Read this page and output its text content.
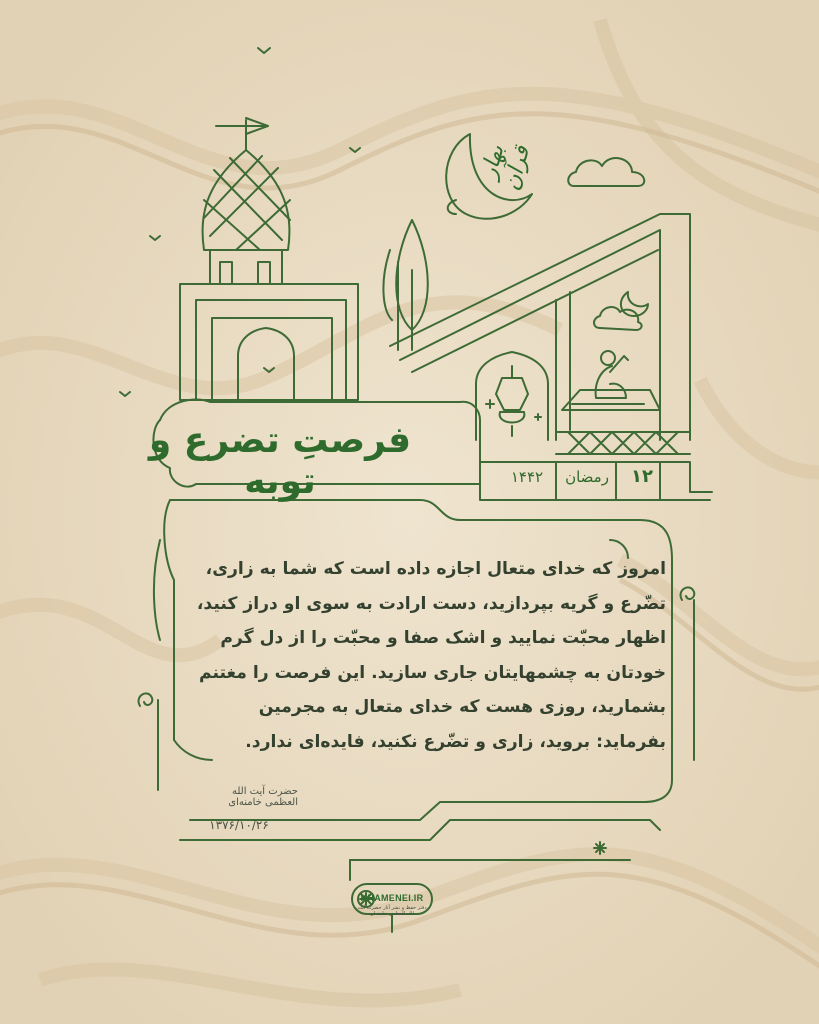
بهار قرآن
فرصتِ تضرع و توبه	۱۲
رمضان
۱۴۴۲
امروز که خدای متعال اجازه داده است که شما به زاری،
تضّرع و گریه بپردازید، دست ارادت به سوی او دراز کنید،
اظهار محبّت نمایید و اشک صفا و محبّت را از دل گرم
خودتان به چشمهایتان جاری سازید. این فرصت را مغتنم
بشمارید، روزی هست که خدای متعال به مجرمین
بفرماید: بروید، زاری و تضّرع نکنید، فایده‌ای ندارد.
حضرت آیت الله العظمی خامنه‌ای
۱۳۷۶/۱۰/۲۶
KHAMENEI.IR
دفتر حفظ و نشر آثار حضرت آیت الله العظمی خامنه‌ای
